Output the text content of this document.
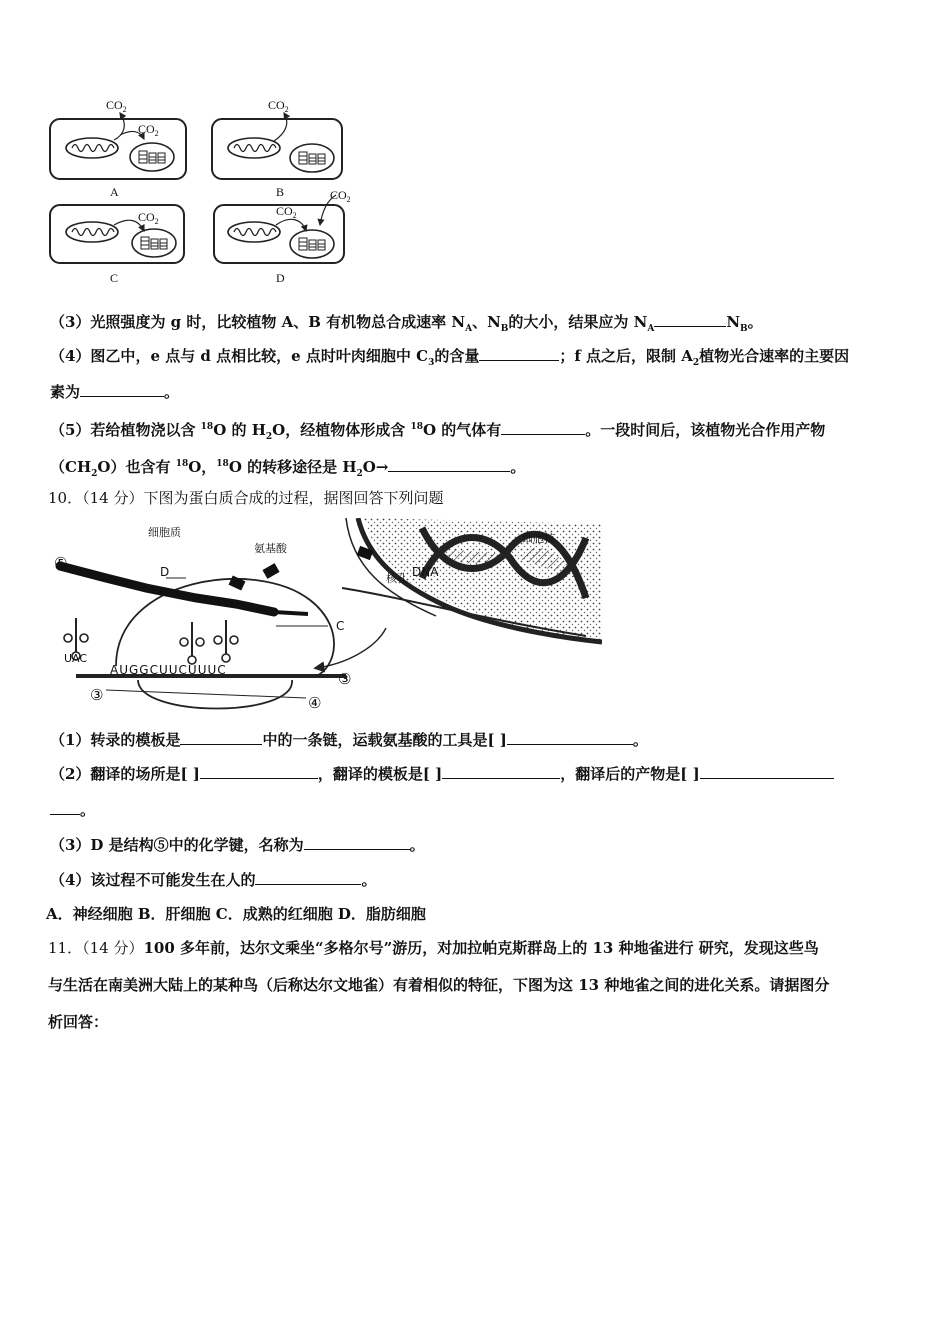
$CO_2$
$CO_2$
$CO_2$
$CO_2$
$CO_2$
$CO_2$
A	B
C	D
（3）光照强度为 g 时，比较植物 A、B 有机物总合成速率 $N_A$、$N_B$的大小，结果应为 $N_A$	$N_B$。
（4）图乙中，e 点与 d 点相比较，e 点时叶肉细胞中 $C_3$的含量	；f 点之后，限制 $A_2$植物光合速率的主要因
素为	。
（5）若给植物浇以含 $^{18}$O 的 $H_2O$，经植物体形成含 $^{18}$O 的气体有	。一段时间后，该植物光合作用产物
$(CH_2O)$也含有 $^{18}$O，$^{18}$O 的转移途径是 $H_2O\to$	。
10．（14 分）下图为蛋白质合成的过程，据图回答下列问题
细胞质
氨基酸
细胞核
核孔 DNA
⑤	D
C
UAC
AUGGCUUCUUUC
③
③
④
（1）转录的模板是	中的一条链，运载氨基酸的工具是[ ]	。
（2）翻译的场所是[ ]	，翻译的模板是[ ]	，翻译后的产物是[ ]
。
（3）D 是结构⑤中的化学键，名称为	。
（4）该过程不可能发生在人的	。
A．神经细胞 B．肝细胞 C．成熟的红细胞 D．脂肪细胞
11．（14 分）100 多年前，达尔文乘坐“多格尔号”游历，对加拉帕克斯群岛上的 13 种地雀进行 研究，发现这些鸟
与生活在南美洲大陆上的某种鸟（后称达尔文地雀）有着相似的特征，下图为这 13 种地雀之间的进化关系。请据图分
析回答：
